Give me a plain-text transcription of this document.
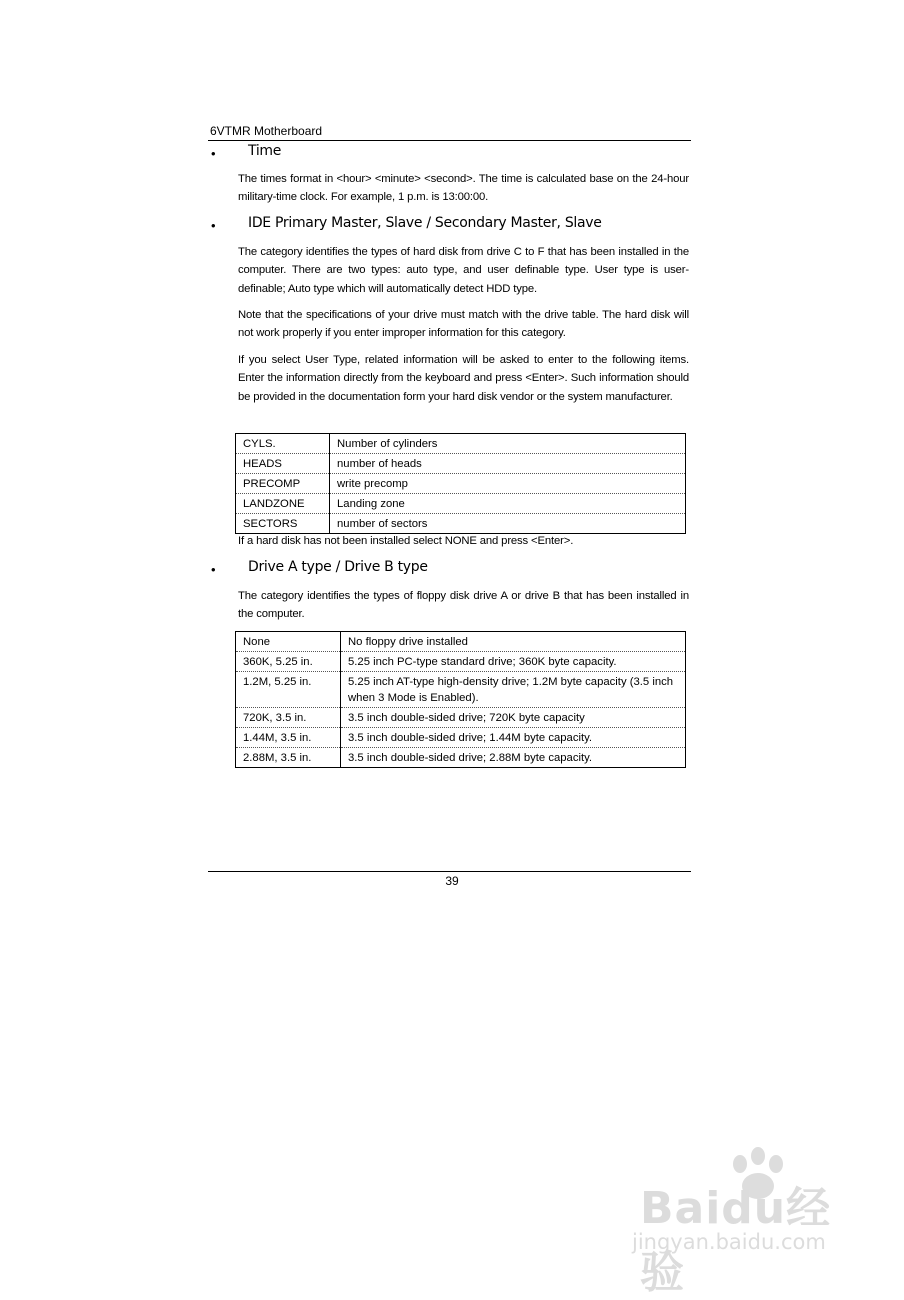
6VTMR Motherboard
• Time
The times format in <hour> <minute> <second>. The time is calculated base on the 24-hour military-time clock. For example, 1 p.m. is 13:00:00.
• IDE Primary Master, Slave / Secondary Master, Slave
The category identifies the types of hard disk from drive C to F that has been installed in the computer. There are two types: auto type, and user definable type. User type is user-definable; Auto type which will automatically detect HDD type.
Note that the specifications of your drive must match with the drive table. The hard disk will not work properly if you enter improper information for this category.
If you select User Type, related information will be asked to enter to the following items. Enter the information directly from the keyboard and press <Enter>. Such information should be provided in the documentation form your hard disk vendor or the system manufacturer.
CYLS.	Number of cylinders
HEADS	number of heads
PRECOMP	write precomp
LANDZONE	Landing zone
SECTORS	number of sectors
If a hard disk has not been installed select NONE and press <Enter>.
• Drive A type / Drive B type
The category identifies the types of floppy disk drive A or drive B that has been installed in the computer.
None	No floppy drive installed
360K, 5.25 in.	5.25 inch PC-type standard drive; 360K byte capacity.
1.2M, 5.25 in.	5.25 inch AT-type high-density drive; 1.2M byte capacity (3.5 inch when 3 Mode is Enabled).
720K, 3.5 in.	3.5 inch double-sided drive; 720K byte capacity
1.44M, 3.5 in.	3.5 inch double-sided drive; 1.44M byte capacity.
2.88M, 3.5 in.	3.5 inch double-sided drive; 2.88M byte capacity.
39
Baidu经验
jingyan.baidu.com
